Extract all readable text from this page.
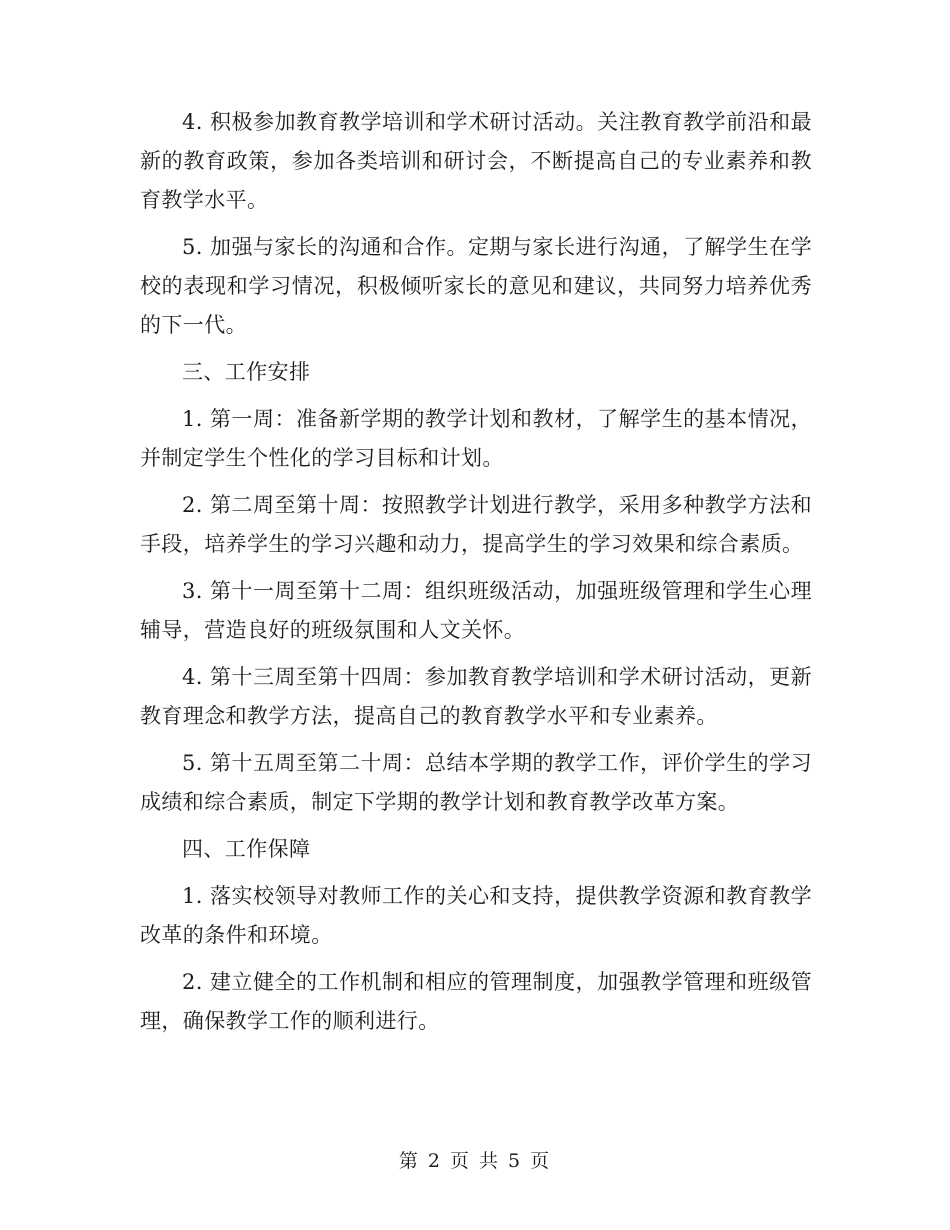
4. 积极参加教育教学培训和学术研讨活动。关注教育教学前沿和最新的教育政策，参加各类培训和研讨会，不断提高自己的专业素养和教育教学水平。

5. 加强与家长的沟通和合作。定期与家长进行沟通，了解学生在学校的表现和学习情况，积极倾听家长的意见和建议，共同努力培养优秀的下一代。

三、工作安排

1. 第一周：准备新学期的教学计划和教材，了解学生的基本情况，并制定学生个性化的学习目标和计划。

2. 第二周至第十周：按照教学计划进行教学，采用多种教学方法和手段，培养学生的学习兴趣和动力，提高学生的学习效果和综合素质。

3. 第十一周至第十二周：组织班级活动，加强班级管理和学生心理辅导，营造良好的班级氛围和人文关怀。

4. 第十三周至第十四周：参加教育教学培训和学术研讨活动，更新教育理念和教学方法，提高自己的教育教学水平和专业素养。

5. 第十五周至第二十周：总结本学期的教学工作，评价学生的学习成绩和综合素质，制定下学期的教学计划和教育教学改革方案。

四、工作保障

1. 落实校领导对教师工作的关心和支持，提供教学资源和教育教学改革的条件和环境。

2. 建立健全的工作机制和相应的管理制度，加强教学管理和班级管理，确保教学工作的顺利进行。

第 2 页 共 5 页
